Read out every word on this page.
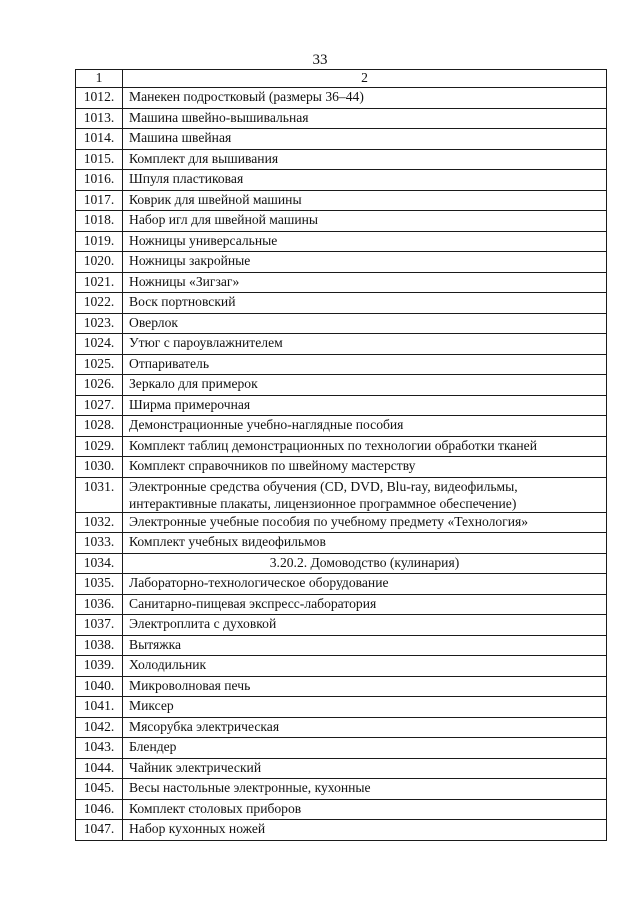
33
1	2
1012.	Манекен подростковый (размеры 36–44)
1013.	Машина швейно-вышивальная
1014.	Машина швейная
1015.	Комплект для вышивания
1016.	Шпуля пластиковая
1017.	Коврик для швейной машины
1018.	Набор игл для швейной машины
1019.	Ножницы универсальные
1020.	Ножницы закройные
1021.	Ножницы «Зигзаг»
1022.	Воск портновский
1023.	Оверлок
1024.	Утюг с пароувлажнителем
1025.	Отпариватель
1026.	Зеркало для примерок
1027.	Ширма примерочная
1028.	Демонстрационные учебно-наглядные пособия
1029.	Комплект таблиц демонстрационных по технологии обработки тканей
1030.	Комплект справочников по швейному мастерству
1031.	Электронные средства обучения (CD, DVD, Blu-ray, видеофильмы, интерактивные плакаты, лицензионное программное обеспечение)
1032.	Электронные учебные пособия по учебному предмету «Технология»
1033.	Комплект учебных видеофильмов
1034.	3.20.2. Домоводство (кулинария)
1035.	Лабораторно-технологическое оборудование
1036.	Санитарно-пищевая экспресс-лаборатория
1037.	Электроплита с духовкой
1038.	Вытяжка
1039.	Холодильник
1040.	Микроволновая печь
1041.	Миксер
1042.	Мясорубка электрическая
1043.	Блендер
1044.	Чайник электрический
1045.	Весы настольные электронные, кухонные
1046.	Комплект столовых приборов
1047.	Набор кухонных ножей
